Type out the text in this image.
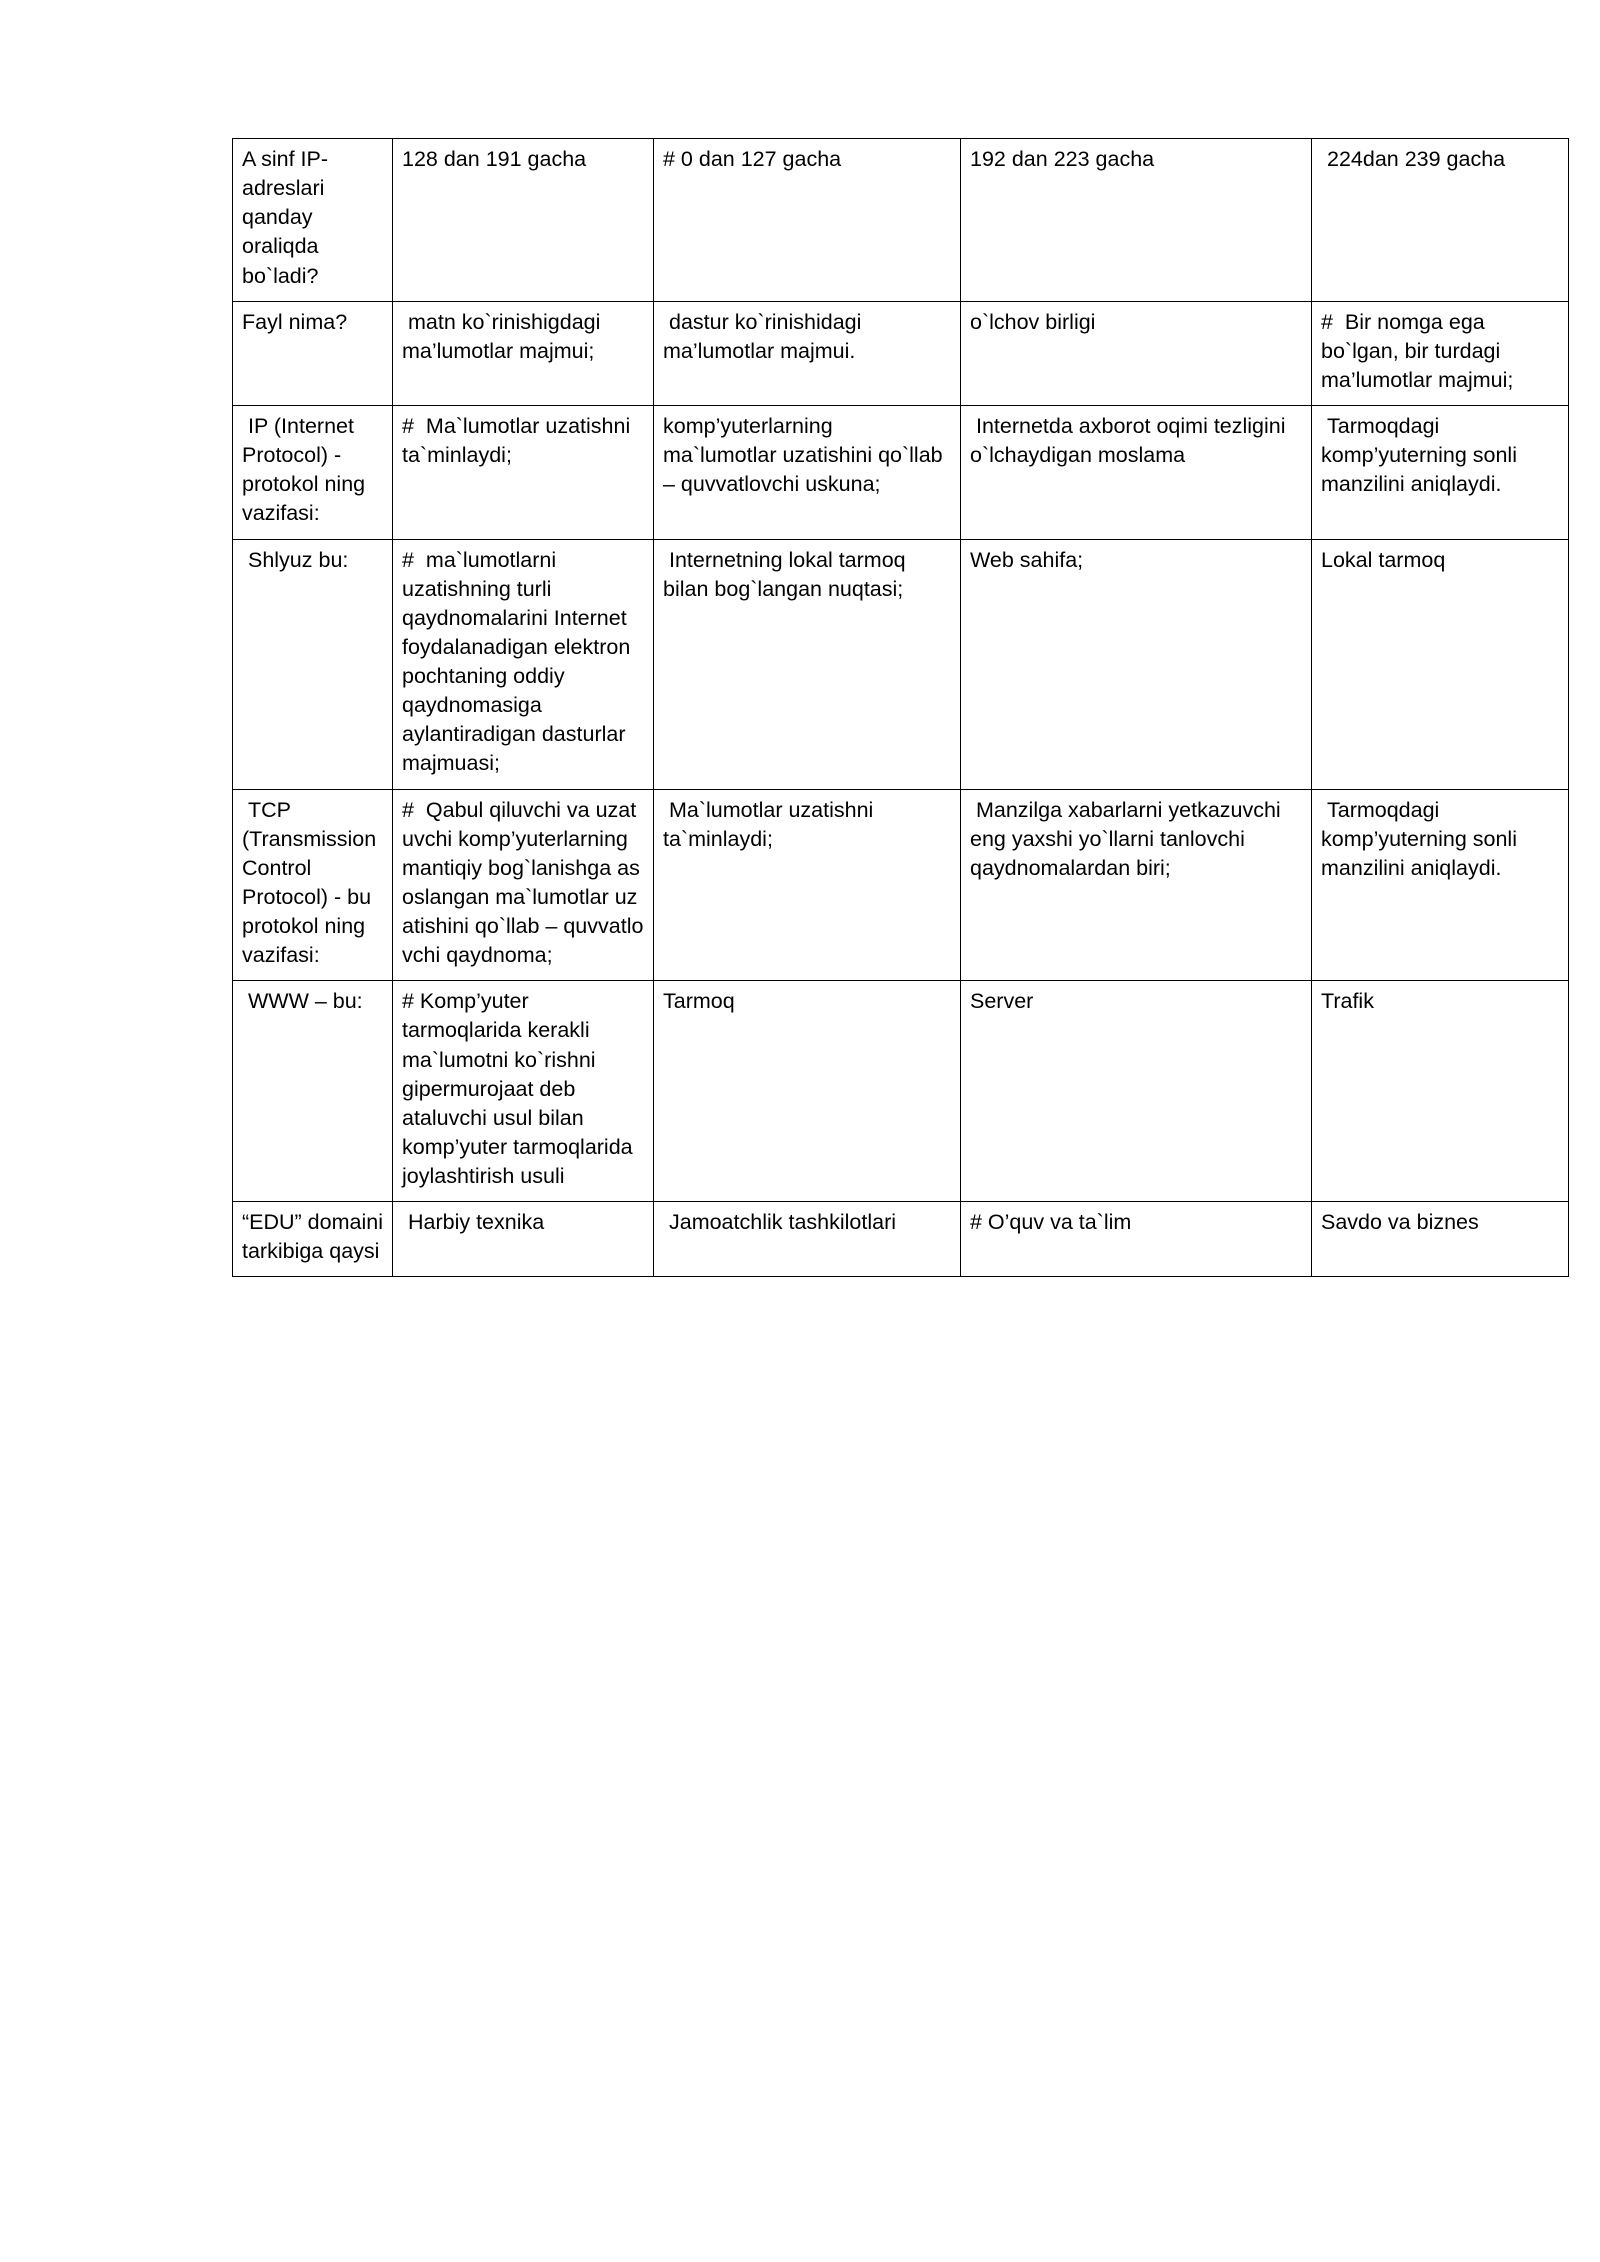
A sinf IP-adreslari qanday oraliqda bo`ladi?	128 dan 191 gacha	# 0 dan 127 gacha	192 dan 223 gacha	224dan 239 gacha
Fayl nima?	matn ko`rinishigdagi ma’lumotlar majmui;	dastur ko`rinishidagi ma’lumotlar majmui.	o`lchov birligi	#  Bir nomga ega bo`lgan, bir turdagi ma’lumotlar majmui;
IP (Internet Protocol) - protokol ning vazifasi:	#  Ma`lumotlar uzatishni ta`minlaydi;	komp’yuterlarning ma`lumotlar uzatishini qo`llab – quvvatlovchi uskuna;	Internetda axborot oqimi tezligini o`lchaydigan moslama	Tarmoqdagi komp’yuterning sonli manzilini aniqlaydi.
Shlyuz bu:	#  ma`lumotlarni uzatishning turli qaydnomalarini Internet foydalanadigan elektron pochtaning oddiy qaydnomasiga aylantiradigan dasturlar majmuasi;	Internetning lokal tarmoq bilan bog`langan nuqtasi;	Web sahifa;	Lokal tarmoq
TCP (Transmission Control Protocol) - bu protokol ning vazifasi:	#  Qabul qiluvchi va uzatuvchi komp’yuterlarning mantiqiy bog`lanishga asoslangan ma`lumotlar uzatishini qo`llab – quvvatlovchi qaydnoma;	Ma`lumotlar uzatishni ta`minlaydi;	Manzilga xabarlarni yetkazuvchi eng yaxshi yo`llarni tanlovchi qaydnomalardan biri;	Tarmoqdagi komp’yuterning sonli manzilini aniqlaydi.
WWW – bu:	# Komp’yuter tarmoqlarida kerakli ma`lumotni ko`rishni gipermurojaat deb ataluvchi usul bilan komp’yuter tarmoqlarida joylashtirish usuli	Tarmoq	Server	Trafik
“EDU” domaini tarkibiga qaysi	Harbiy texnika	Jamoatchlik tashkilotlari	# O’quv va ta`lim	Savdo va biznes
